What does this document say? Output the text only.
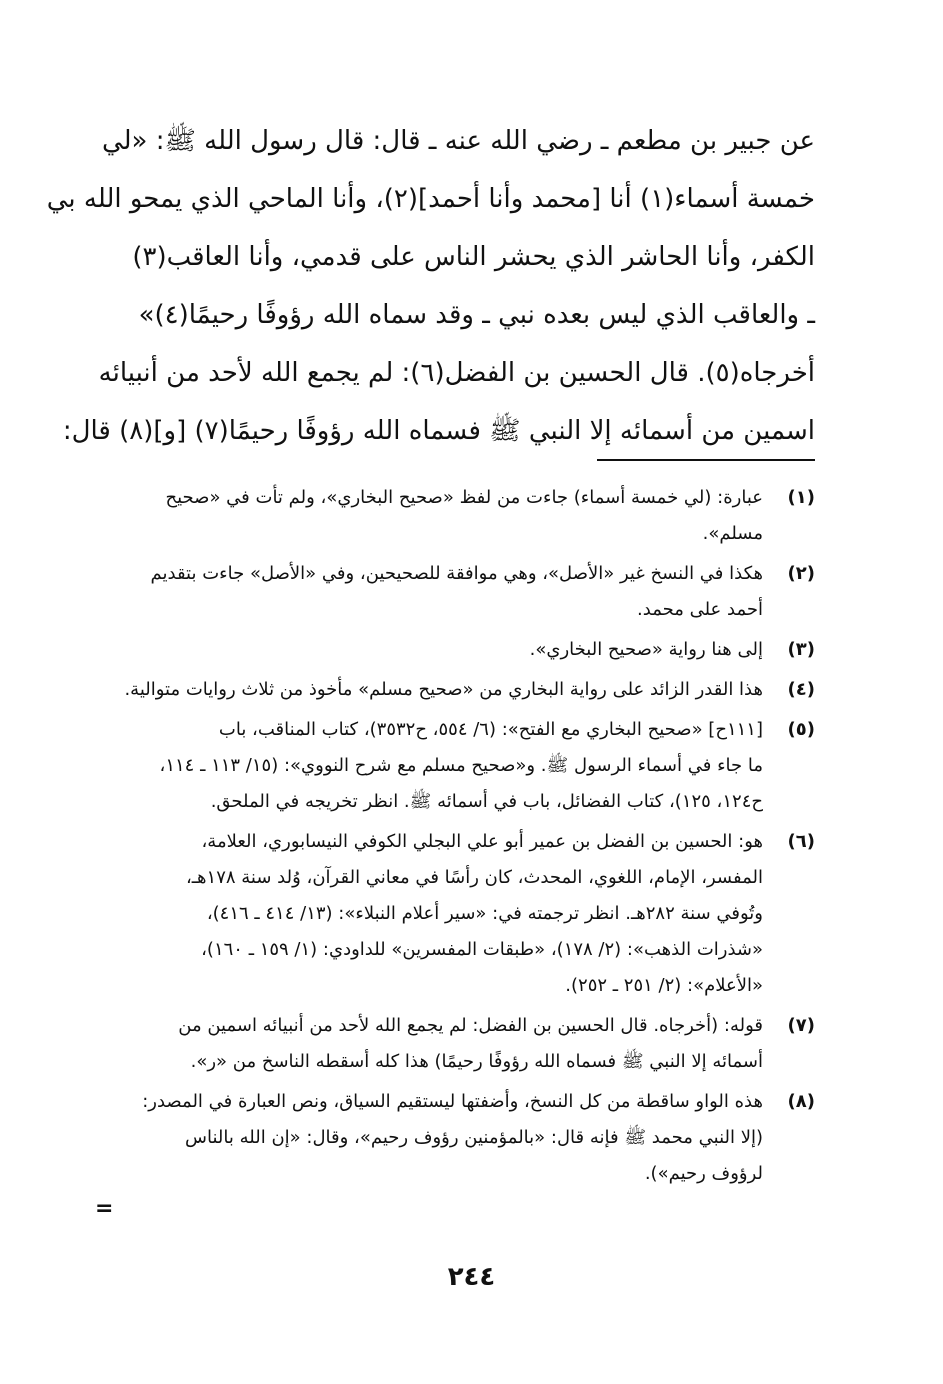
عن جبير بن مطعم ـ رضي الله عنه ـ قال: قال رسول الله ﷺ: «لي
خمسة أسماء(١) أنا [محمد وأنا أحمد](٢)، وأنا الماحي الذي يمحو الله بي
الكفر، وأنا الحاشر الذي يحشر الناس على قدمي، وأنا العاقب(٣)
ـ والعاقب الذي ليس بعده نبي ـ وقد سماه الله رؤوفًا رحيمًا(٤)»
أخرجاه(٥). قال الحسين بن الفضل(٦): لم يجمع الله لأحد من أنبيائه
اسمين من أسمائه إلا النبي ﷺ فسماه الله رؤوفًا رحيمًا(٧) [و](٨) قال:
(١)
عبارة: (لي خمسة أسماء) جاءت من لفظ «صحيح البخاري»، ولم تأت في «صحيح
مسلم».
(٢)
هكذا في النسخ غير «الأصل»، وهي موافقة للصحيحين، وفي «الأصل» جاءت بتقديم
أحمد على محمد.
(٣)
إلى هنا رواية «صحيح البخاري».
(٤)
هذا القدر الزائد على رواية البخاري من «صحيح مسلم» مأخوذ من ثلاث روايات متوالية.
(٥)
[١١١ح] «صحيح البخاري مع الفتح»: (٦/ ٥٥٤، ح٣٥٣٢)، كتاب المناقب، باب
ما جاء في أسماء الرسول ﷺ. و«صحيح مسلم مع شرح النووي»: (١٥/ ١١٣ ـ ١١٤،
ح١٢٤، ١٢٥)، كتاب الفضائل، باب في أسمائه ﷺ. انظر تخريجه في الملحق.
(٦)
هو: الحسين بن الفضل بن عمير أبو علي البجلي الكوفي النيسابوري، العلامة،
المفسر، الإمام، اللغوي، المحدث، كان رأسًا في معاني القرآن، وُلد سنة ١٧٨هـ،
وتُوفي سنة ٢٨٢هـ. انظر ترجمته في: «سير أعلام النبلاء»: (١٣/ ٤١٤ ـ ٤١٦)،
«شذرات الذهب»: (٢/ ١٧٨)، «طبقات المفسرين» للداودي: (١/ ١٥٩ ـ ١٦٠)،
«الأعلام»: (٢/ ٢٥١ ـ ٢٥٢).
(٧)
قوله: (أخرجاه. قال الحسين بن الفضل: لم يجمع الله لأحد من أنبيائه اسمين من
أسمائه إلا النبي ﷺ فسماه الله رؤوفًا رحيمًا) هذا كله أسقطه الناسخ من «ر».
(٨)
هذه الواو ساقطة من كل النسخ، وأضفتها ليستقيم السياق، ونص العبارة في المصدر:
(إلا النبي محمد ﷺ فإنه قال: «بالمؤمنين رؤوف رحيم»، وقال: «إن الله بالناس
لرؤوف رحيم»).
=
٢٤٤
